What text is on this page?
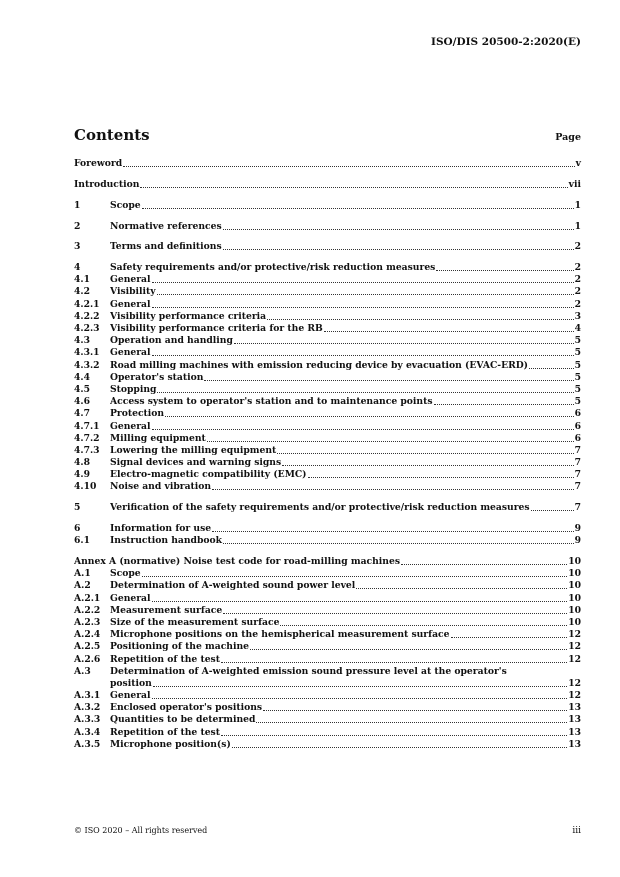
ISO/DIS 20500-2:2020(E)
Contents	Page
Foreword	v
Introduction	vii
1	Scope	1
2	Normative references	1
3	Terms and definitions	2
4	Safety requirements and/or protective/risk reduction measures	2
4.1	General	2
4.2	Visibility	2
4.2.1	General	2
4.2.2	Visibility performance criteria	3
4.2.3	Visibility performance criteria for the RB	4
4.3	Operation and handling	5
4.3.1	General	5
4.3.2	Road milling machines with emission reducing device by evacuation (EVAC-ERD)	5
4.4	Operator's station	5
4.5	Stopping	5
4.6	Access system to operator's station and to maintenance points	5
4.7	Protection	6
4.7.1	General	6
4.7.2	Milling equipment	6
4.7.3	Lowering the milling equipment	7
4.8	Signal devices and warning signs	7
4.9	Electro-magnetic compatibility (EMC)	7
4.10	Noise and vibration	7
5	Verification of the safety requirements and/or protective/risk reduction measures	7
6	Information for use	9
6.1	Instruction handbook	9
Annex A (normative) Noise test code for road-milling machines	10
A.1	Scope	10
A.2	Determination of A-weighted sound power level	10
A.2.1	General	10
A.2.2	Measurement surface	10
A.2.3	Size of the measurement surface	10
A.2.4	Microphone positions on the hemispherical measurement surface	12
A.2.5	Positioning of the machine	12
A.2.6	Repetition of the test	12
A.3	Determination of A-weighted emission sound pressure level at the operator's
position	12
A.3.1	General	12
A.3.2	Enclosed operator's positions	13
A.3.3	Quantities to be determined	13
A.3.4	Repetition of the test	13
A.3.5	Microphone position(s)	13
© ISO 2020 – All rights reserved	iii
